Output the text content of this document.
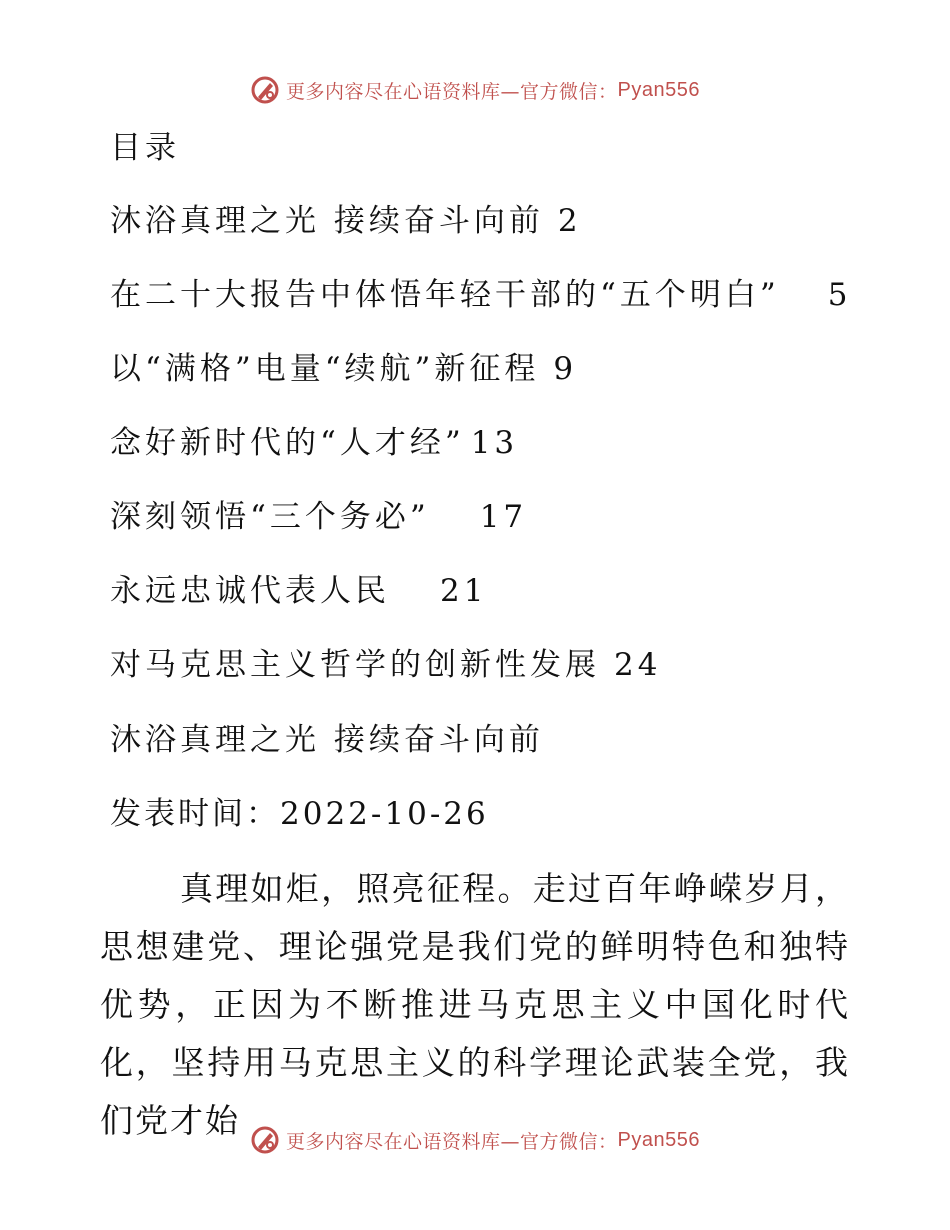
更多内容尽在心语资料库—官方微信： Pyan556
目录
沐浴真理之光 接续奋斗向前 2
在二十大报告中体悟年轻干部的“五个明白” 5
以“满格”电量“续航”新征程 9
念好新时代的“人才经” 13
深刻领悟“三个务必” 17
永远忠诚代表人民 21
对马克思主义哲学的创新性发展 24
沐浴真理之光 接续奋斗向前
发表时间：2022-10-26

真理如炬，照亮征程。走过百年峥嵘岁月，思想建党、理论强党是我们党的鲜明特色和独特优势，正因为不断推进马克思主义中国化时代化，坚持用马克思主义的科学理论武装全党，我们党才始

更多内容尽在心语资料库—官方微信： Pyan556
